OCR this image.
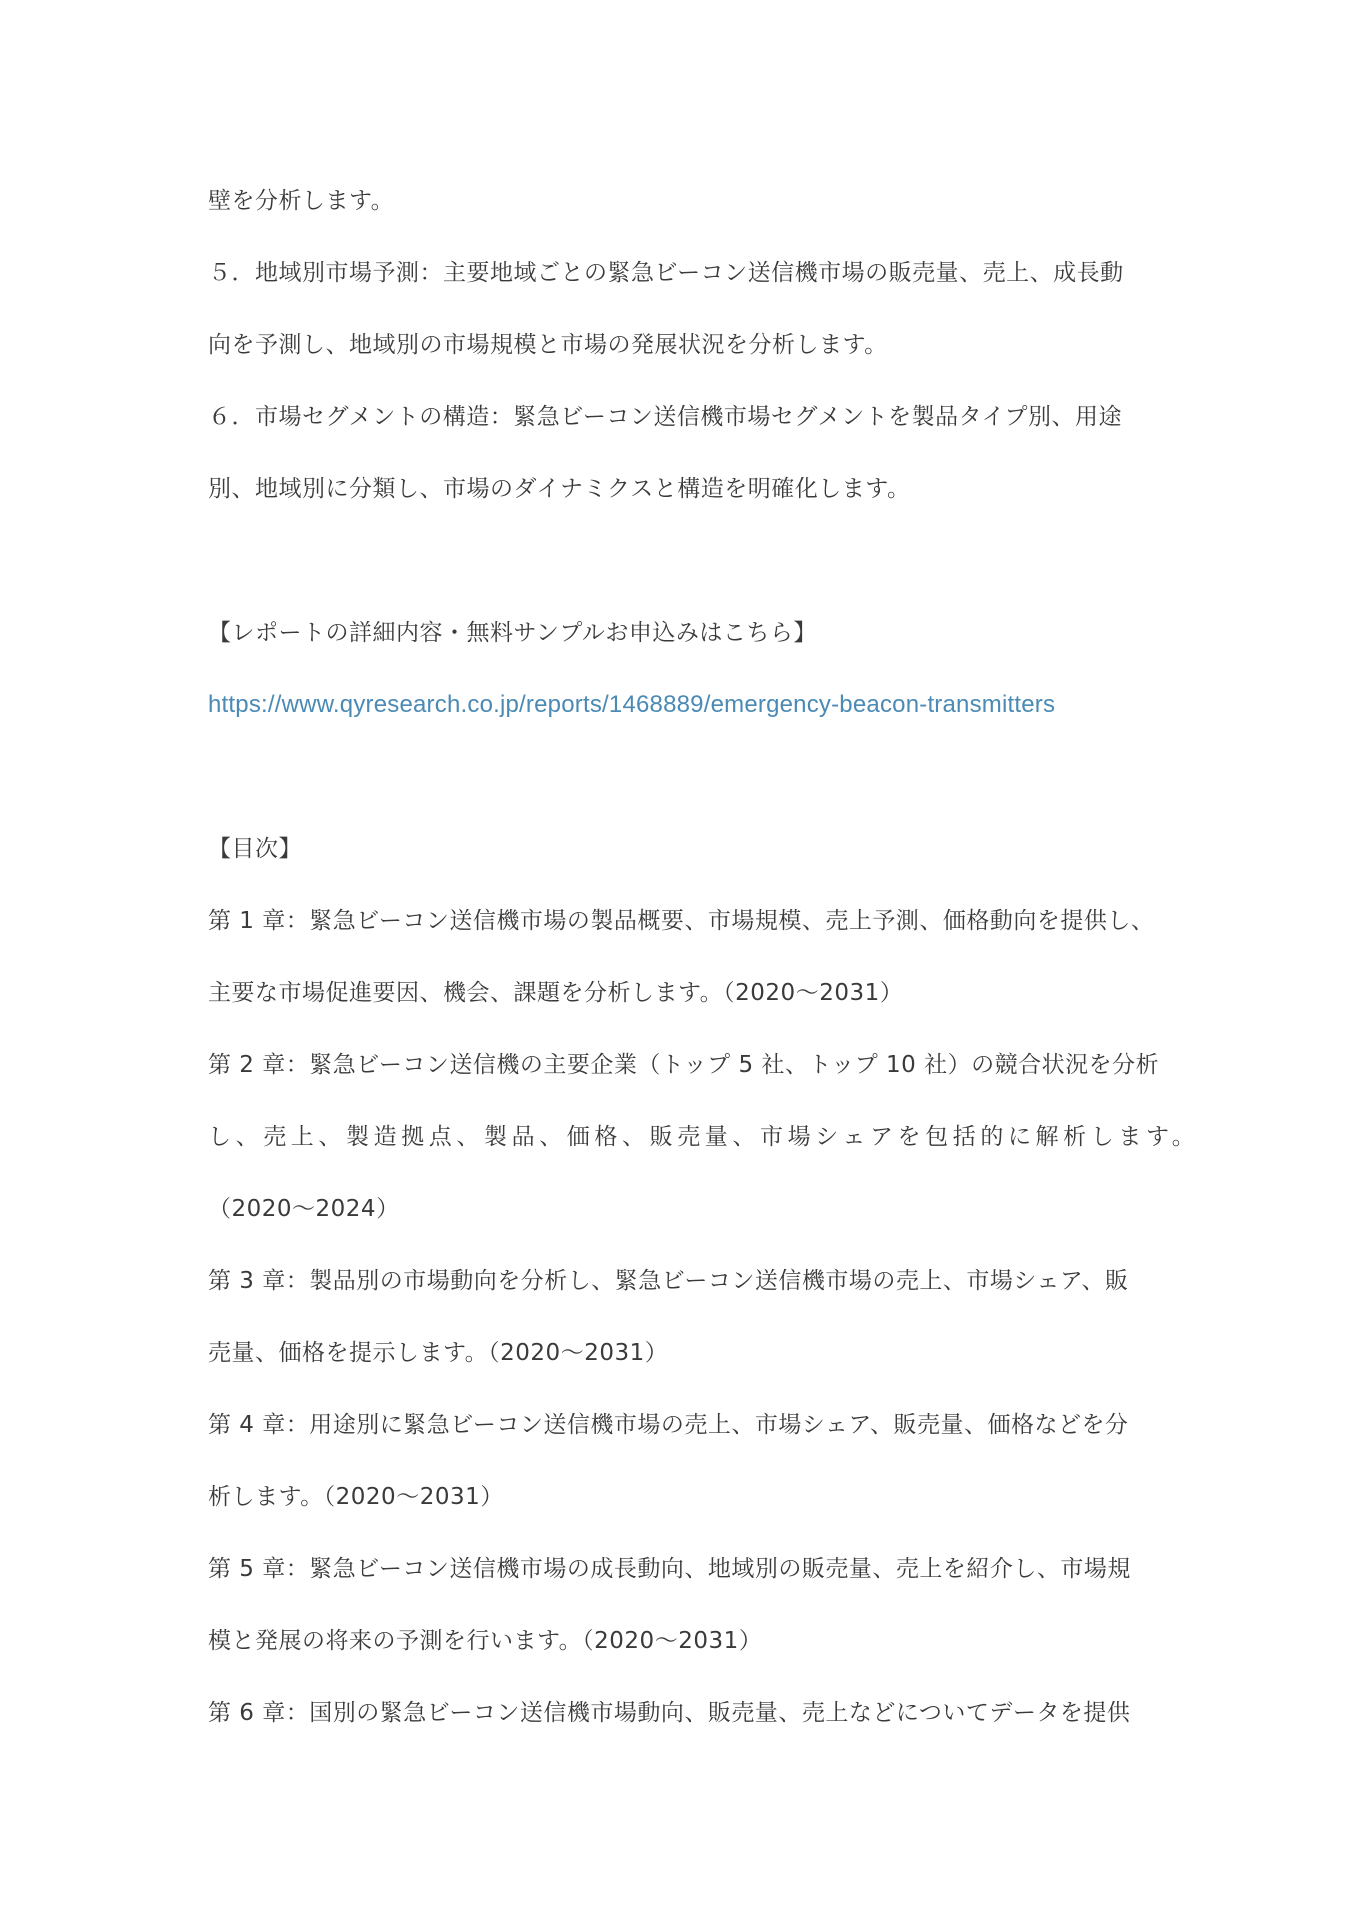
壁を分析します。
５．地域別市場予測：主要地域ごとの緊急ビーコン送信機市場の販売量、売上、成長動
向を予測し、地域別の市場規模と市場の発展状況を分析します。
６．市場セグメントの構造：緊急ビーコン送信機市場セグメントを製品タイプ別、用途
別、地域別に分類し、市場のダイナミクスと構造を明確化します。
【レポートの詳細内容・無料サンプルお申込みはこちら】
https://www.qyresearch.co.jp/reports/1468889/emergency-beacon-transmitters
【目次】
第 1 章：緊急ビーコン送信機市場の製品概要、市場規模、売上予測、価格動向を提供し、
主要な市場促進要因、機会、課題を分析します。（2020～2031）
第 2 章：緊急ビーコン送信機の主要企業（トップ 5 社、トップ 10 社）の競合状況を分析
し、売上、製造拠点、製品、価格、販売量、市場シェアを包括的に解析します。
（2020～2024）
第 3 章：製品別の市場動向を分析し、緊急ビーコン送信機市場の売上、市場シェア、販
売量、価格を提示します。（2020～2031）
第 4 章：用途別に緊急ビーコン送信機市場の売上、市場シェア、販売量、価格などを分
析します。（2020～2031）
第 5 章：緊急ビーコン送信機市場の成長動向、地域別の販売量、売上を紹介し、市場規
模と発展の将来の予測を行います。（2020～2031）
第 6 章：国別の緊急ビーコン送信機市場動向、販売量、売上などについてデータを提供
